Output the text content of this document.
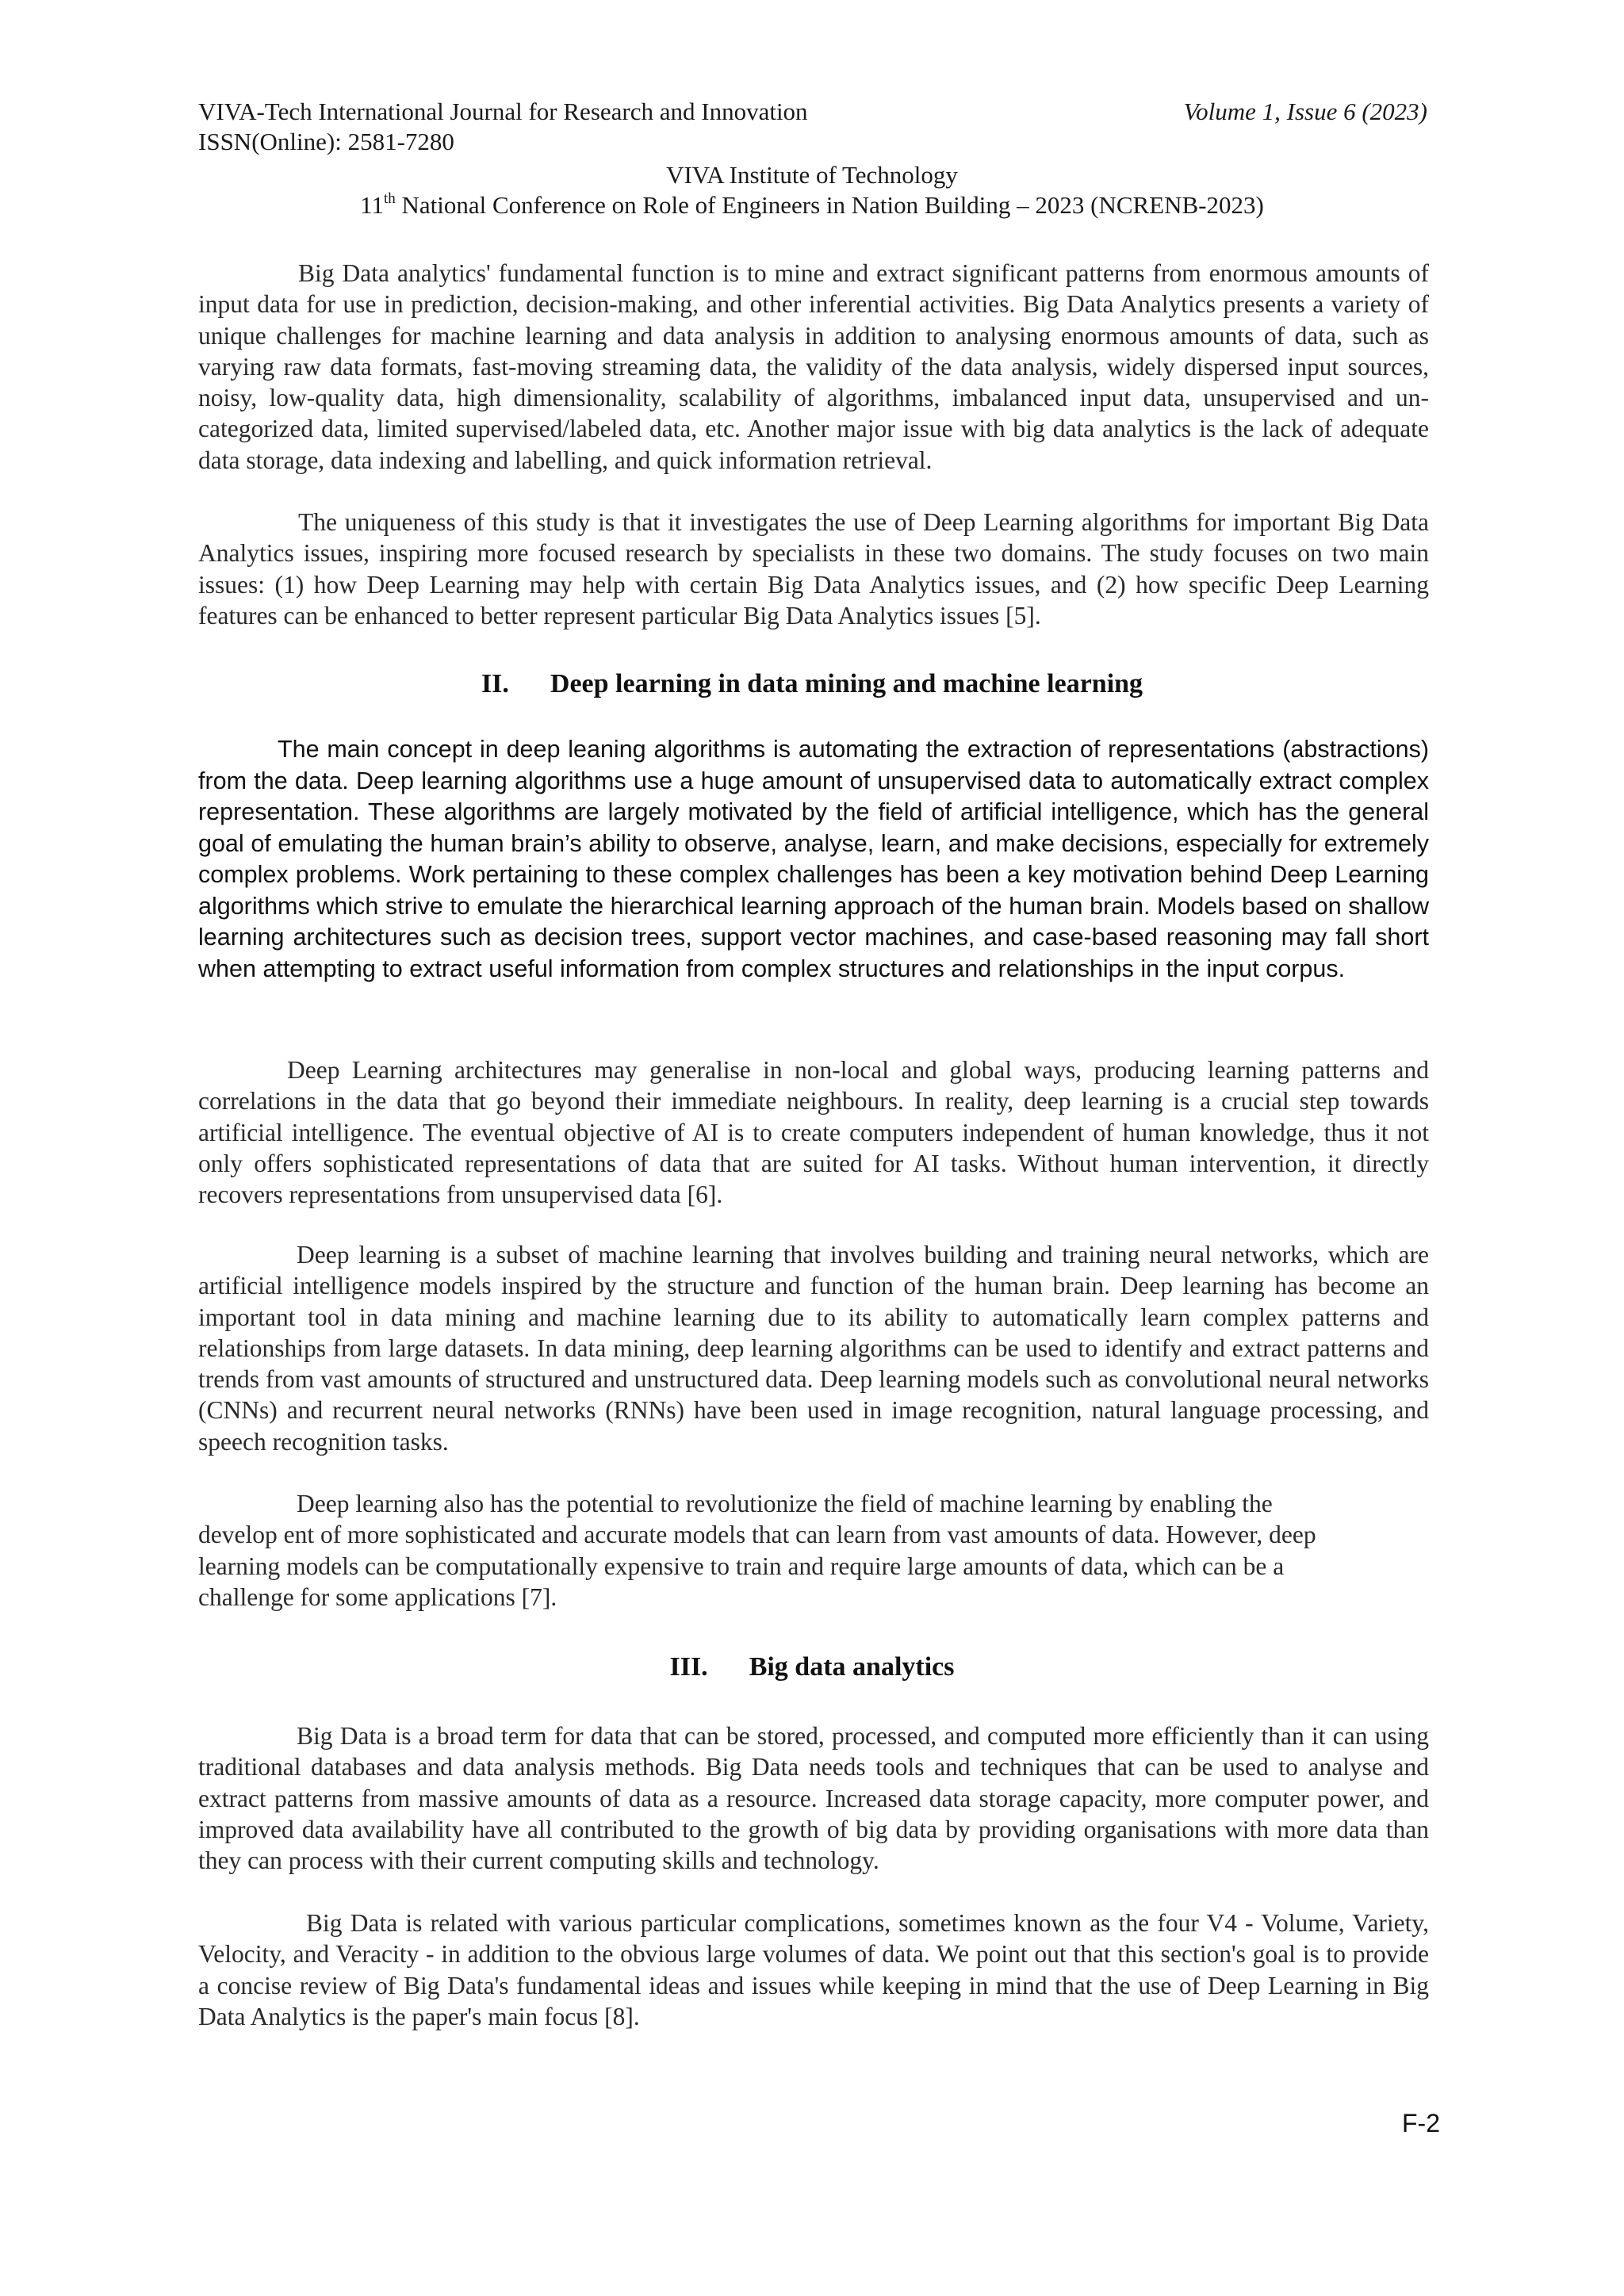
VIVA-Tech International Journal for Research and Innovation	Volume 1, Issue 6 (2023)
ISSN(Online): 2581-7280
VIVA Institute of Technology
11th National Conference on Role of Engineers in Nation Building – 2023 (NCRENB-2023)

Big Data analytics' fundamental function is to mine and extract significant patterns from enormous amounts of input data for use in prediction, decision-making, and other inferential activities. Big Data Analytics presents a variety of unique challenges for machine learning and data analysis in addition to analysing enormous amounts of data, such as varying raw data formats, fast-moving streaming data, the validity of the data analysis, widely dispersed input sources, noisy, low-quality data, high dimensionality, scalability of algorithms, imbalanced input data, unsupervised and un-categorized data, limited supervised/labeled data, etc. Another major issue with big data analytics is the lack of adequate data storage, data indexing and labelling, and quick information retrieval.

The uniqueness of this study is that it investigates the use of Deep Learning algorithms for important Big Data Analytics issues, inspiring more focused research by specialists in these two domains. The study focuses on two main issues: (1) how Deep Learning may help with certain Big Data Analytics issues, and (2) how specific Deep Learning features can be enhanced to better represent particular Big Data Analytics issues [5].

II. Deep learning in data mining and machine learning

The main concept in deep leaning algorithms is automating the extraction of representations (abstractions) from the data. Deep learning algorithms use a huge amount of unsupervised data to automatically extract complex representation. These algorithms are largely motivated by the field of artificial intelligence, which has the general goal of emulating the human brain’s ability to observe, analyse, learn, and make decisions, especially for extremely complex problems. Work pertaining to these complex challenges has been a key motivation behind Deep Learning algorithms which strive to emulate the hierarchical learning approach of the human brain. Models based on shallow learning architectures such as decision trees, support vector machines, and case-based reasoning may fall short when attempting to extract useful information from complex structures and relationships in the input corpus.

Deep Learning architectures may generalise in non-local and global ways, producing learning patterns and correlations in the data that go beyond their immediate neighbours. In reality, deep learning is a crucial step towards artificial intelligence. The eventual objective of AI is to create computers independent of human knowledge, thus it not only offers sophisticated representations of data that are suited for AI tasks. Without human intervention, it directly recovers representations from unsupervised data [6].

Deep learning is a subset of machine learning that involves building and training neural networks, which are artificial intelligence models inspired by the structure and function of the human brain. Deep learning has become an important tool in data mining and machine learning due to its ability to automatically learn complex patterns and relationships from large datasets. In data mining, deep learning algorithms can be used to identify and extract patterns and trends from vast amounts of structured and unstructured data. Deep learning models such as convolutional neural networks (CNNs) and recurrent neural networks (RNNs) have been used in image recognition, natural language processing, and speech recognition tasks.

Deep learning also has the potential to revolutionize the field of machine learning by enabling the
develop ent of more sophisticated and accurate models that can learn from vast amounts of data. However, deep
learning models can be computationally expensive to train and require large amounts of data, which can be a
challenge for some applications [7].
III. Big data analytics

Big Data is a broad term for data that can be stored, processed, and computed more efficiently than it can using traditional databases and data analysis methods. Big Data needs tools and techniques that can be used to analyse and extract patterns from massive amounts of data as a resource. Increased data storage capacity, more computer power, and improved data availability have all contributed to the growth of big data by providing organisations with more data than they can process with their current computing skills and technology.

Big Data is related with various particular complications, sometimes known as the four V4 - Volume, Variety, Velocity, and Veracity - in addition to the obvious large volumes of data. We point out that this section's goal is to provide a concise review of Big Data's fundamental ideas and issues while keeping in mind that the use of Deep Learning in Big Data Analytics is the paper's main focus [8].

F-2
